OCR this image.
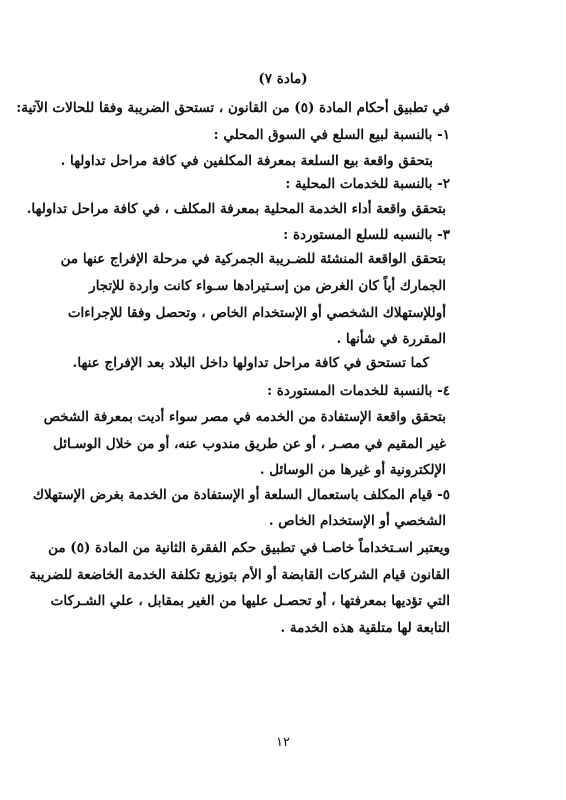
(مادة ٧)
في تطبيق أحكام المادة (٥) من القانون ، تستحق الضريبة وفقا للحالات الآتية:
١- بالنسبة لبيع السلع في السوق المحلي :
بتحقق واقعة بيع السلعة بمعرفة المكلفين في كافة مراحل تداولها .
٢- بالنسبة للخدمات المحلية :
بتحقق واقعة أداء الخدمة المحلية بمعرفة المكلف ، في كافة مراحل تداولها.
٣- بالنسبه للسلع المستوردة :
بتحقق الواقعة المنشئة للضـريبة الجمركية في مرحلة الإفراج عنها من
الجمارك أياً كان الغرض من إسـتيرادها سـواء كانت واردة للإتجار
أوللإستهلاك الشخصي أو الإستخدام الخاص ، وتحصل وفقا للإجراءات
المقررة في شأنها .
كما تستحق في كافة مراحل تداولها داخل البلاد بعد الإفراج عنها.
٤- بالنسبة للخدمات المستوردة :
بتحقق واقعة الإستفادة من الخدمه في مصر سواء أديت بمعرفة الشخص
غير المقيم في مصـر ، أو عن طريق مندوب عنه، أو من خلال الوسـائل
الإلكترونية أو غيرها من الوسائل .
٥- قيام المكلف باستعمال السلعة أو الإستفادة من الخدمة بغرض الإستهلاك
الشخصي أو الإستخدام الخاص .
ويعتبر اسـتخداماً خاصـا في تطبيق حكم الفقرة الثانية من المادة (٥) من
القانون قيام الشركات القابضة أو الأم بتوزيع تكلفة الخدمة الخاضعة للضريبة
التي تؤديها بمعرفتها ، أو تحصـل عليها من الغير بمقابل ، علي الشـركات
التابعة لها متلقية هذه الخدمة .
١٢
